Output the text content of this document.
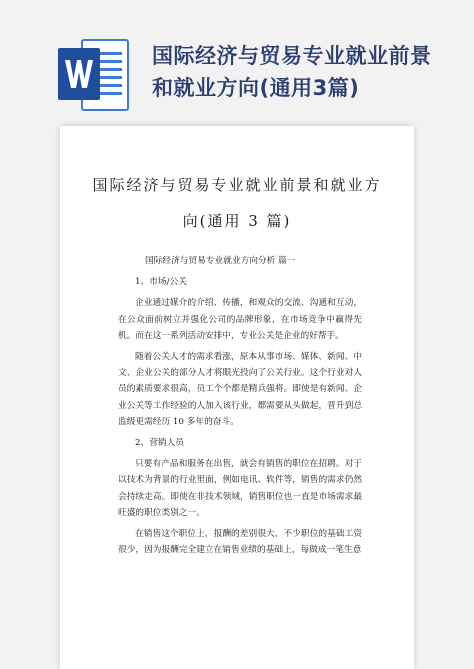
国际经济与贸易专业就业前景
和就业方向(通用3篇)
国际经济与贸易专业就业前景和就业方
向(通用 3 篇)

国际经济与贸易专业就业方向分析 篇一

1、市场/公关

企业通过媒介的介绍、传播，和观众的交流、沟通和互动，在公众面前树立并强化公司的品牌形象，在市场竞争中赢得先机。而在这一系列活动安排中，专业公关是企业的好帮手。

随着公关人才的需求看涨，原本从事市场、媒体、新闻、中文、企业公关的部分人才将眼光投向了公关行业。这个行业对人员的素质要求很高，员工个个都是精兵强将。即使是有新闻、企业公关等工作经验的人加入该行业，都需要从头做起，晋升到总监级更需经历 10 多年的奋斗。

2、营销人员

只要有产品和服务在出售，就会有销售的职位在招聘。对于以技术为背景的行业里面，例如电讯、软件等，销售的需求仍然会持续走高。即使在非技术领域，销售职位也一直是市场需求最旺盛的职位类别之一。

在销售这个职位上，报酬的差别很大，不少职位的基础工资很少，因为报酬完全建立在销售业绩的基础上，每做成一笔生意
